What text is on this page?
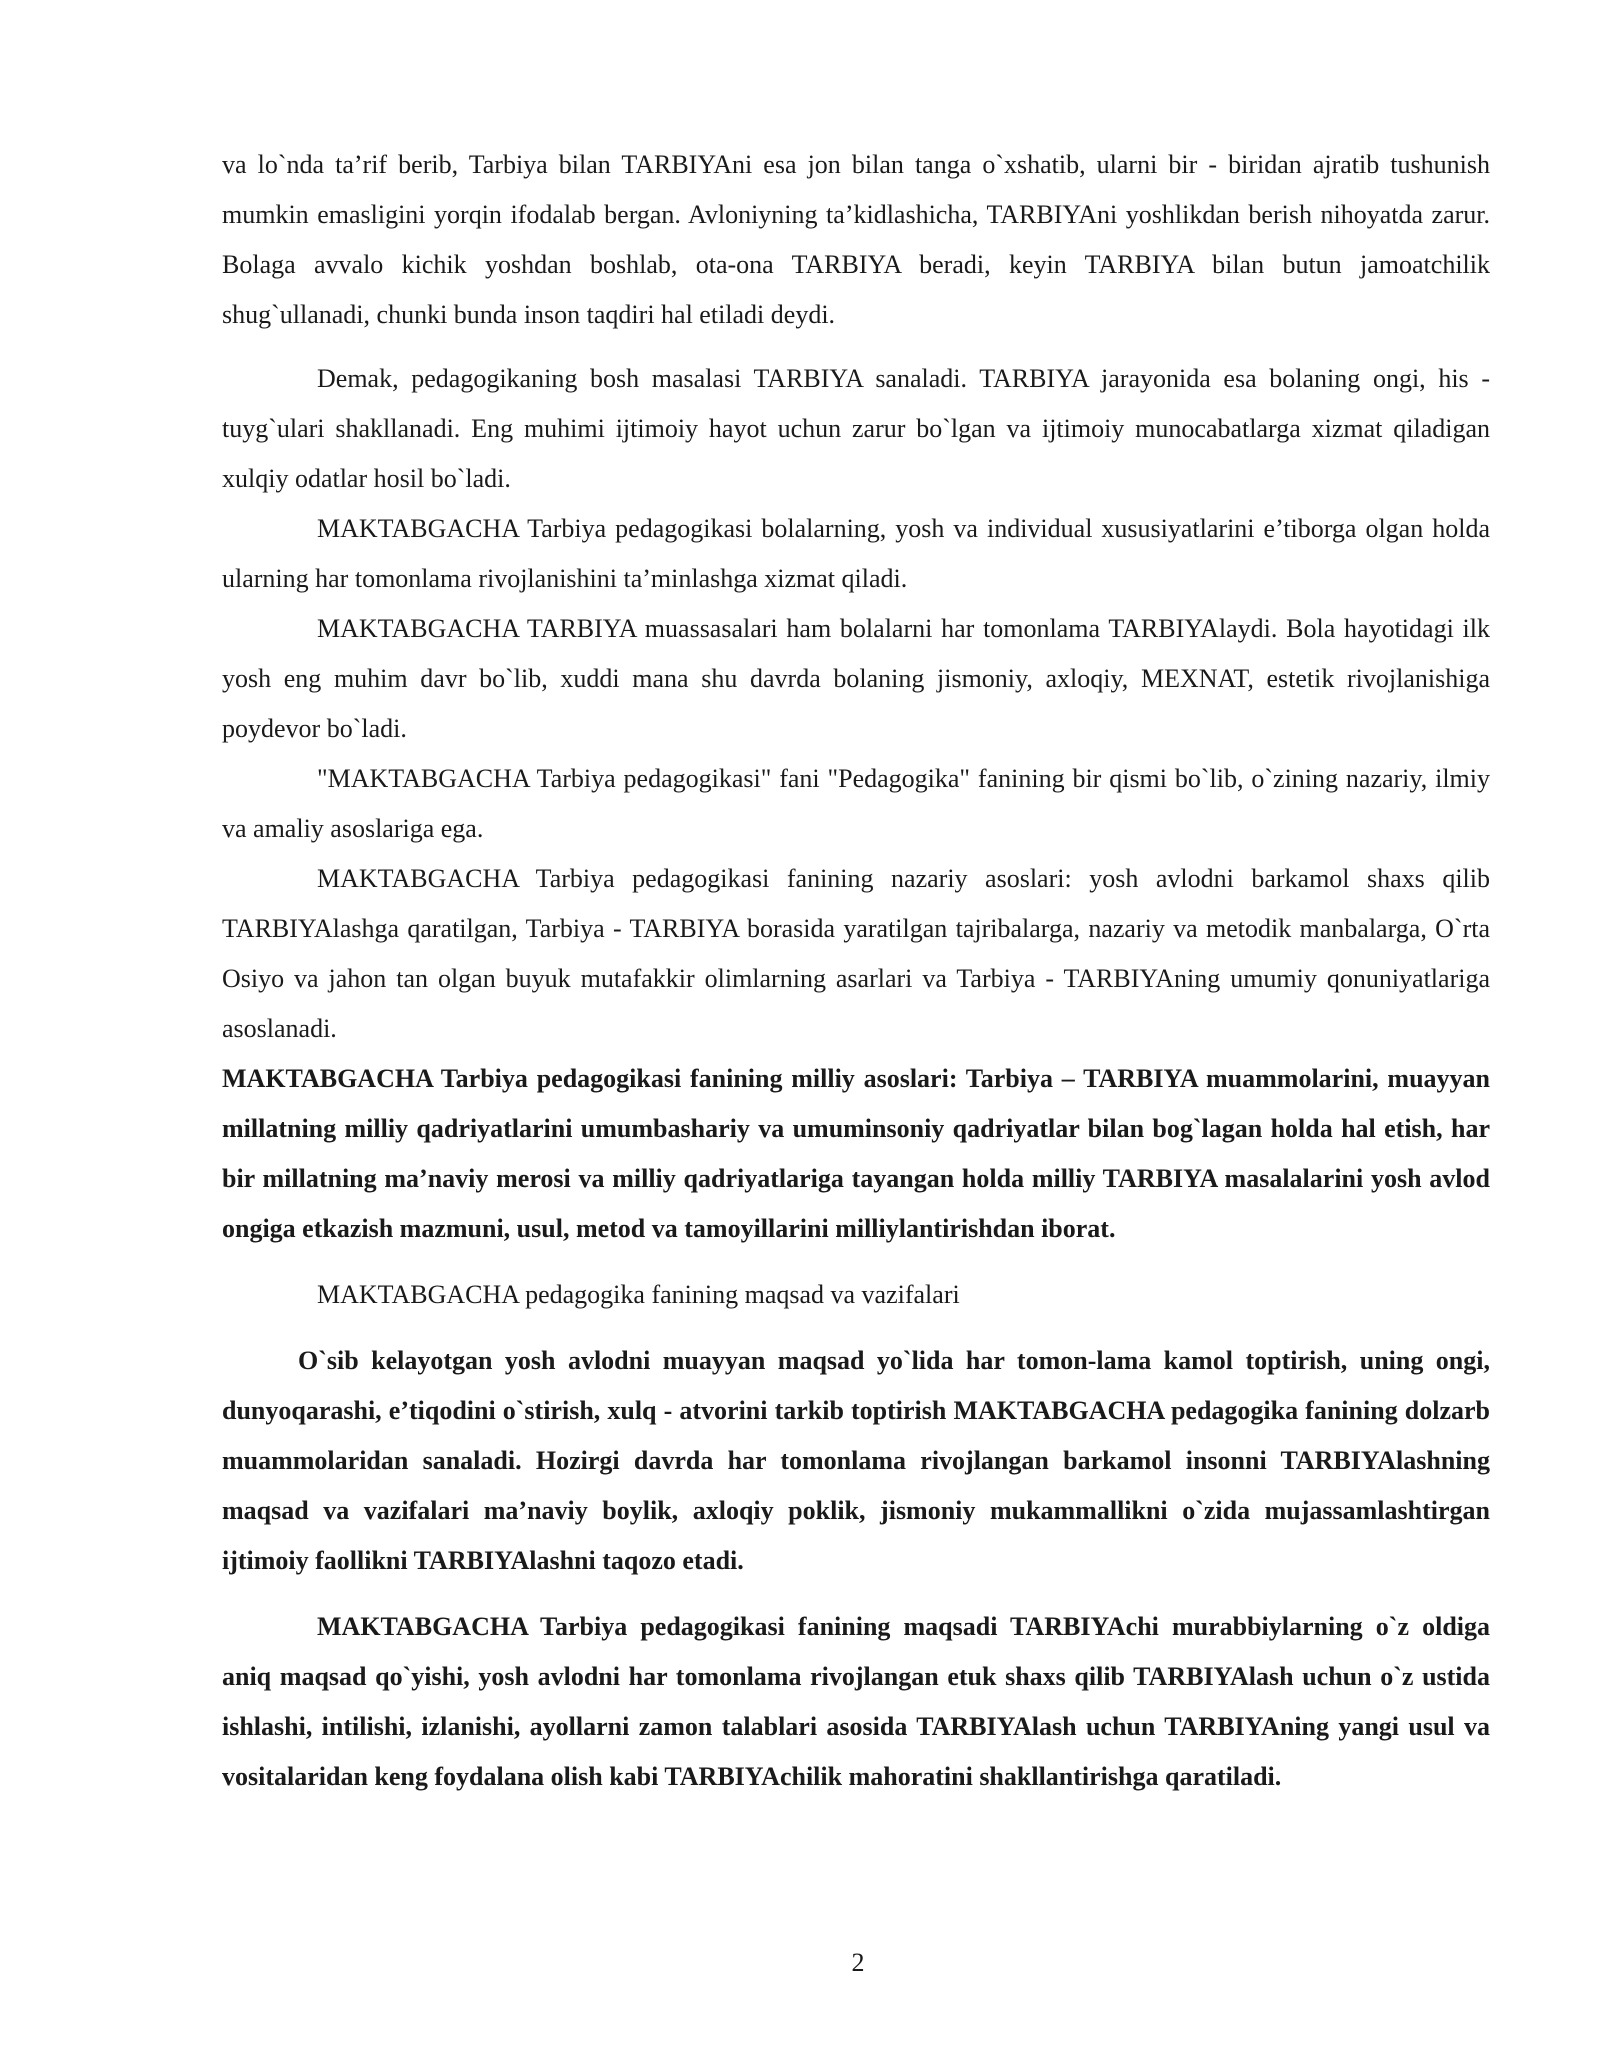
va lo`nda ta’rif berib, Tarbiya bilan TARBIYAni esa jon bilan tanga o`xshatib, ularni bir - biridan ajratib tushunish mumkin emasligini yorqin ifodalab bergan. Avloniyning ta’kidlashicha, TARBIYAni yoshlikdan berish nihoyatda zarur. Bolaga avvalo kichik yoshdan boshlab, ota-ona TARBIYA beradi, keyin TARBIYA bilan butun jamoatchilik shug`ullanadi, chunki bunda inson taqdiri hal etiladi deydi.

Demak, pedagogikaning bosh masalasi TARBIYA sanaladi. TARBIYA jarayonida esa bolaning ongi, his - tuyg`ulari shakllanadi. Eng muhimi ijtimoiy hayot uchun zarur bo`lgan va ijtimoiy munocabatlarga xizmat qiladigan xulqiy odatlar hosil bo`ladi.

MAKTABGACHA Tarbiya pedagogikasi bolalarning, yosh va individual xususiyatlarini e’tiborga olgan holda ularning har tomonlama rivojlanishini ta’minlashga xizmat qiladi.

MAKTABGACHA TARBIYA muassasalari ham bolalarni har tomonlama TARBIYAlaydi. Bola hayotidagi ilk yosh eng muhim davr bo`lib, xuddi mana shu davrda bolaning jismoniy, axloqiy, MEXNAT, estetik rivojlanishiga poydevor bo`ladi.

"MAKTABGACHA Tarbiya pedagogikasi" fani "Pedagogika" fanining bir qismi bo`lib, o`zining nazariy, ilmiy va amaliy asoslariga ega.

MAKTABGACHA Tarbiya pedagogikasi fanining nazariy asoslari: yosh avlodni barkamol shaxs qilib TARBIYAlashga qaratilgan, Tarbiya - TARBIYA borasida yaratilgan tajribalarga, nazariy va metodik manbalarga, O`rta Osiyo va jahon tan olgan buyuk mutafakkir olimlarning asarlari va Tarbiya - TARBIYAning umumiy qonuniyatlariga asoslanadi.

MAKTABGACHA Tarbiya pedagogikasi fanining milliy asoslari: Tarbiya – TARBIYA muammolarini, muayyan millatning milliy qadriyatlarini umumbashariy va umuminsoniy qadriyatlar bilan bog`lagan holda hal etish, har bir millatning ma’naviy merosi va milliy qadriyatlariga tayangan holda milliy TARBIYA masalalarini yosh avlod ongiga etkazish mazmuni, usul, metod va tamoyillarini milliylantirishdan iborat.

MAKTABGACHA pedagogika fanining maqsad va vazifalari

O`sib kelayotgan yosh avlodni muayyan maqsad yo`lida har tomon-lama kamol toptirish, uning ongi, dunyoqarashi, e’tiqodini o`stirish, xulq - atvorini tarkib toptirish MAKTABGACHA pedagogika fanining dolzarb muammolaridan sanaladi. Hozirgi davrda har tomonlama rivojlangan barkamol insonni TARBIYAlashning maqsad va vazifalari ma’naviy boylik, axloqiy poklik, jismoniy mukammallikni o`zida mujassamlashtirgan ijtimoiy faollikni TARBIYAlashni taqozo etadi.

MAKTABGACHA Tarbiya pedagogikasi fanining maqsadi TARBIYAchi murabbiylarning o`z oldiga aniq maqsad qo`yishi, yosh avlodni har tomonlama rivojlangan etuk shaxs qilib TARBIYAlash uchun o`z ustida ishlashi, intilishi, izlanishi, ayollarni zamon talablari asosida TARBIYAlash uchun TARBIYAning yangi usul va vositalaridan keng foydalana olish kabi TARBIYAchilik mahoratini shakllantirishga qaratiladi.

2
